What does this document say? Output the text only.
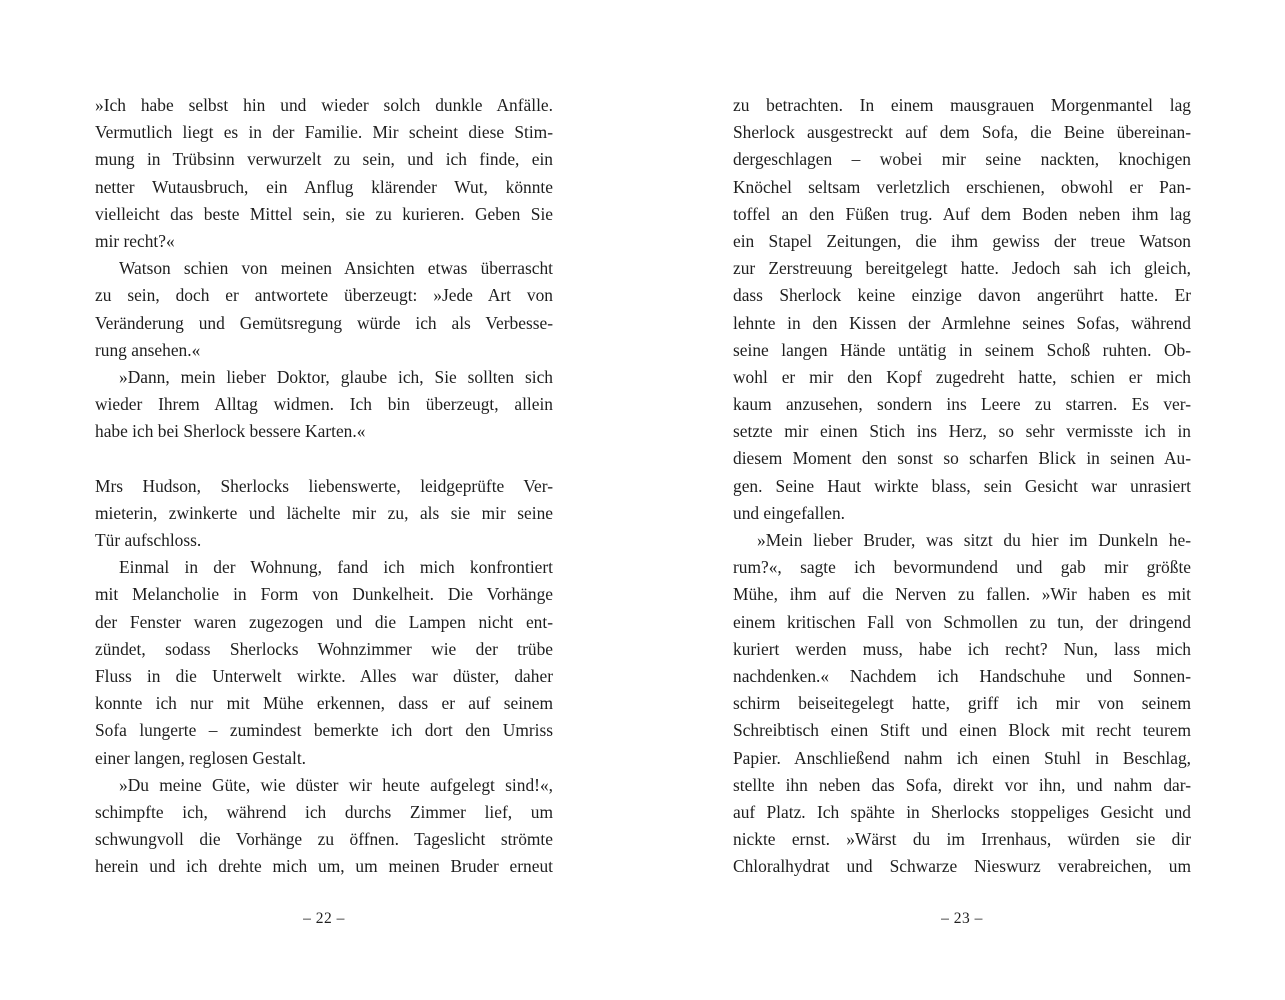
»Ich habe selbst hin und wieder solch dunkle Anfälle.
Vermutlich liegt es in der Familie. Mir scheint diese Stim-
mung in Trübsinn verwurzelt zu sein, und ich finde, ein
netter Wutausbruch, ein Anflug klärender Wut, könnte
vielleicht das beste Mittel sein, sie zu kurieren. Geben Sie
mir recht?«
Watson schien von meinen Ansichten etwas überrascht
zu sein, doch er antwortete überzeugt: »Jede Art von
Veränderung und Gemütsregung würde ich als Verbesse-
rung ansehen.«
»Dann, mein lieber Doktor, glaube ich, Sie sollten sich
wieder Ihrem Alltag widmen. Ich bin überzeugt, allein
habe ich bei Sherlock bessere Karten.«
Mrs Hudson, Sherlocks liebenswerte, leidgeprüfte Ver-
mieterin, zwinkerte und lächelte mir zu, als sie mir seine
Tür aufschloss.
Einmal in der Wohnung, fand ich mich konfrontiert
mit Melancholie in Form von Dunkelheit. Die Vorhänge
der Fenster waren zugezogen und die Lampen nicht ent-
zündet, sodass Sherlocks Wohnzimmer wie der trübe
Fluss in die Unterwelt wirkte. Alles war düster, daher
konnte ich nur mit Mühe erkennen, dass er auf seinem
Sofa lungerte – zumindest bemerkte ich dort den Umriss
einer langen, reglosen Gestalt.
»Du meine Güte, wie düster wir heute aufgelegt sind!«,
schimpfte ich, während ich durchs Zimmer lief, um
schwungvoll die Vorhänge zu öffnen. Tageslicht strömte
herein und ich drehte mich um, um meinen Bruder erneut
– 22 –
zu betrachten. In einem mausgrauen Morgenmantel lag
Sherlock ausgestreckt auf dem Sofa, die Beine übereinan-
dergeschlagen – wobei mir seine nackten, knochigen
Knöchel seltsam verletzlich erschienen, obwohl er Pan-
toffel an den Füßen trug. Auf dem Boden neben ihm lag
ein Stapel Zeitungen, die ihm gewiss der treue Watson
zur Zerstreuung bereitgelegt hatte. Jedoch sah ich gleich,
dass Sherlock keine einzige davon angerührt hatte. Er
lehnte in den Kissen der Armlehne seines Sofas, während
seine langen Hände untätig in seinem Schoß ruhten. Ob-
wohl er mir den Kopf zugedreht hatte, schien er mich
kaum anzusehen, sondern ins Leere zu starren. Es ver-
setzte mir einen Stich ins Herz, so sehr vermisste ich in
diesem Moment den sonst so scharfen Blick in seinen Au-
gen. Seine Haut wirkte blass, sein Gesicht war unrasiert
und eingefallen.
»Mein lieber Bruder, was sitzt du hier im Dunkeln he-
rum?«, sagte ich bevormundend und gab mir größte
Mühe, ihm auf die Nerven zu fallen. »Wir haben es mit
einem kritischen Fall von Schmollen zu tun, der dringend
kuriert werden muss, habe ich recht? Nun, lass mich
nachdenken.« Nachdem ich Handschuhe und Sonnen-
schirm beiseitegelegt hatte, griff ich mir von seinem
Schreibtisch einen Stift und einen Block mit recht teurem
Papier. Anschließend nahm ich einen Stuhl in Beschlag,
stellte ihn neben das Sofa, direkt vor ihn, und nahm dar-
auf Platz. Ich spähte in Sherlocks stoppeliges Gesicht und
nickte ernst. »Wärst du im Irrenhaus, würden sie dir
Chloralhydrat und Schwarze Nieswurz verabreichen, um
– 23 –
